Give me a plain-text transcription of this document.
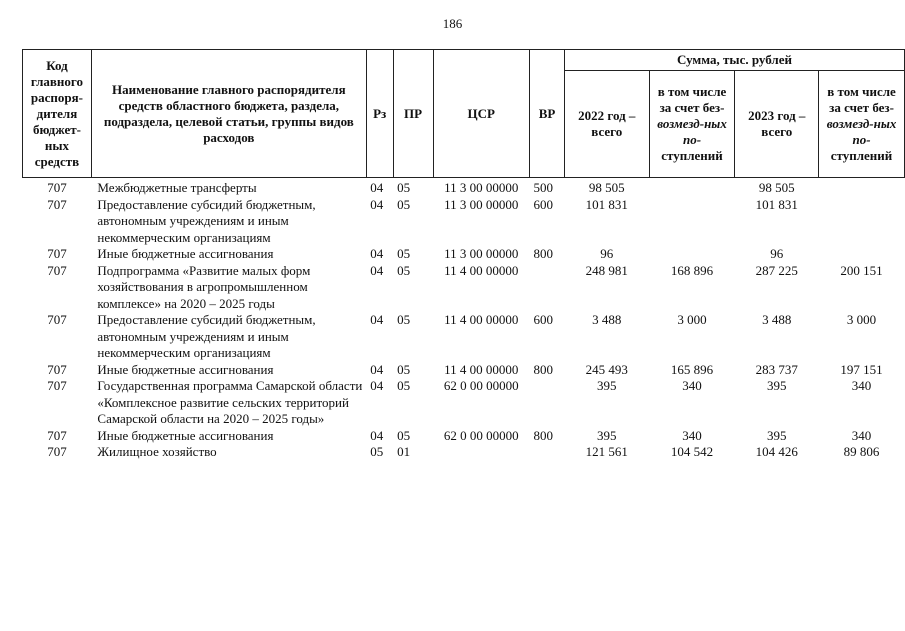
186
Код главного распоря-дителя бюджет-ных средств	Наименование главного распорядителя средств областного бюджета, раздела, подраздела, целевой статьи, группы видов расходов	Рз	ПР	ЦСР	ВР	Сумма, тыс. рублей			
						2022 год – всего	в том числе за счет без- возмезд-ных по- ступлений	2023 год – всего	в том числе за счет без- возмезд-ных по- ступлений
707	Межбюджетные трансферты	04	05	11 3 00 00000	500	98 505		98 505	
707	Предоставление субсидий бюджетным, автономным учреждениям и иным некоммерческим организациям	04	05	11 3 00 00000	600	101 831		101 831	
707	Иные бюджетные ассигнования	04	05	11 3 00 00000	800	96		96	
707	Подпрограмма «Развитие малых форм хозяйствования в агропромышленном комплексе» на 2020 – 2025 годы	04	05	11 4 00 00000		248 981	168 896	287 225	200 151
707	Предоставление субсидий бюджетным, автономным учреждениям и иным некоммерческим организациям	04	05	11 4 00 00000	600	3 488	3 000	3 488	3 000
707	Иные бюджетные ассигнования	04	05	11 4 00 00000	800	245 493	165 896	283 737	197 151
707	Государственная программа Самарской области «Комплексное развитие сельских территорий Самарской области на 2020 – 2025 годы»	04	05	62 0 00 00000		395	340	395	340
707	Иные бюджетные ассигнования	04	05	62 0 00 00000	800	395	340	395	340
707	Жилищное хозяйство	05	01			121 561	104 542	104 426	89 806
